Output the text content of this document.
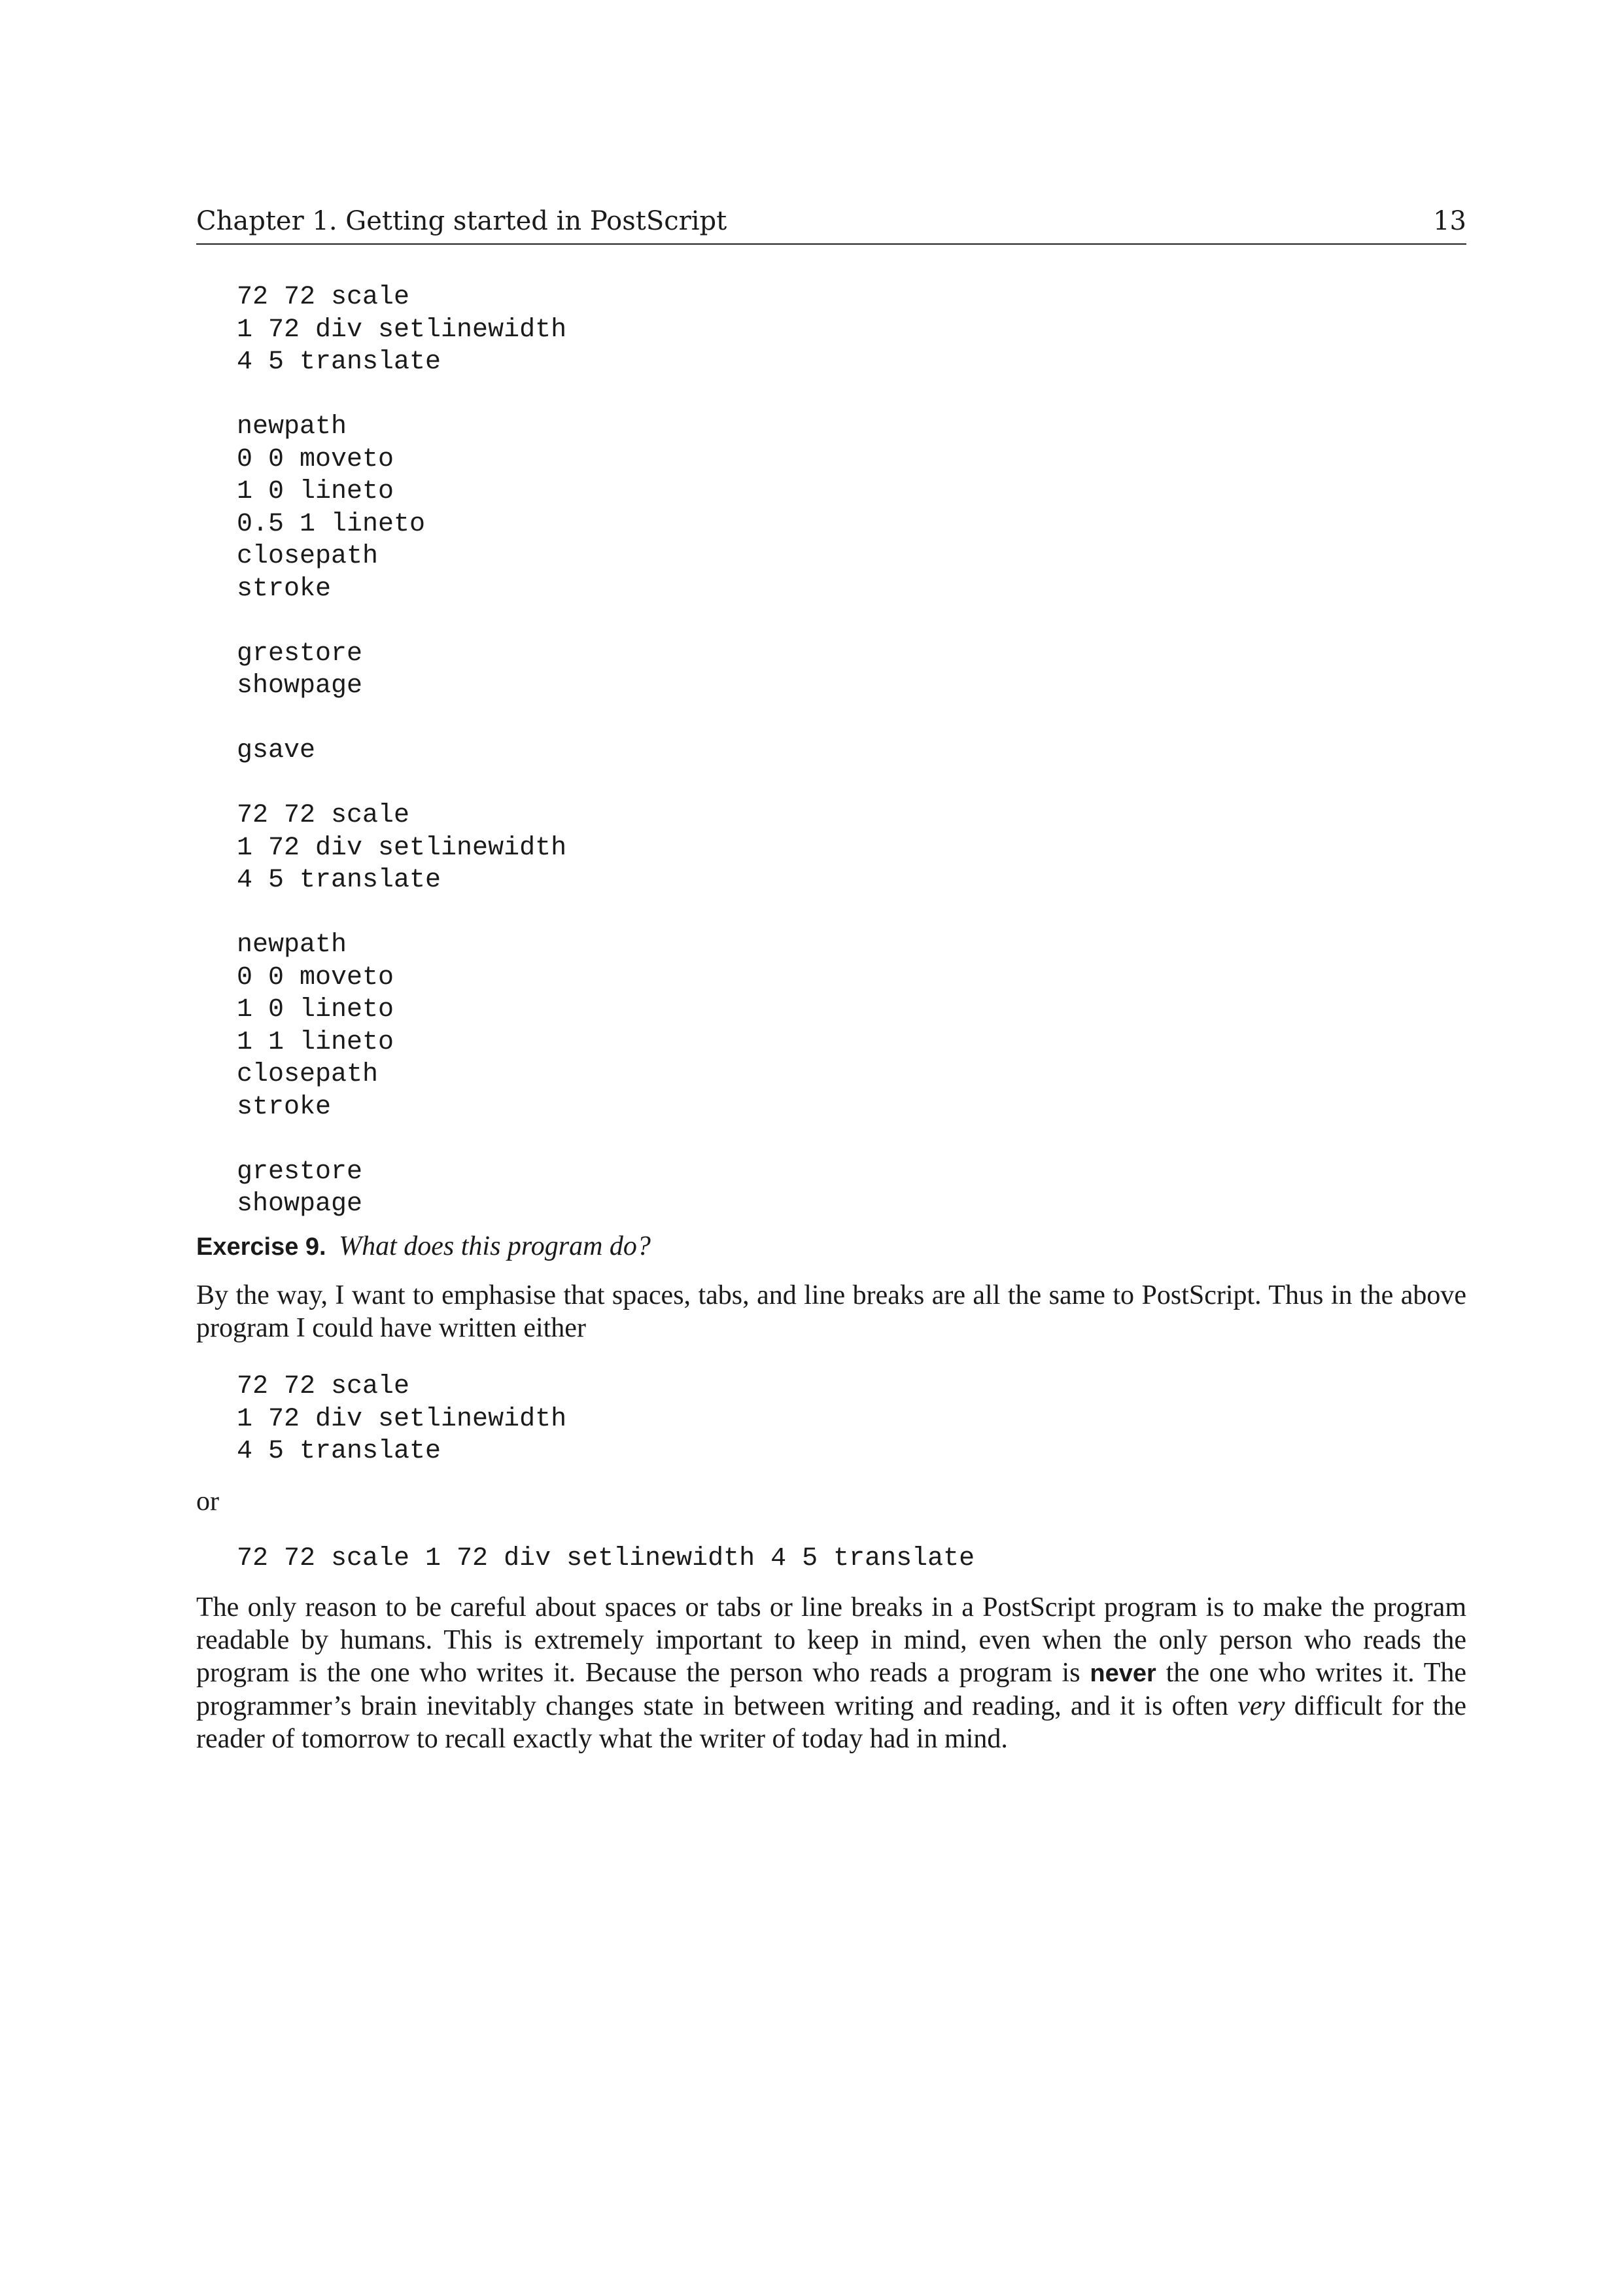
Chapter 1. Getting started in PostScript	13
72 72 scale
1 72 div setlinewidth
4 5 translate
newpath
0 0 moveto
1 0 lineto
0.5 1 lineto
closepath
stroke
grestore
showpage
gsave
72 72 scale
1 72 div setlinewidth
4 5 translate
newpath
0 0 moveto
1 0 lineto
1 1 lineto
closepath
stroke
grestore
showpage
Exercise 9. What does this program do?

By the way, I want to emphasise that spaces, tabs, and line breaks are all the same to PostScript. Thus in the above program I could have written either

72 72 scale
1 72 div setlinewidth
4 5 translate
or
72 72 scale 1 72 div setlinewidth 4 5 translate

The only reason to be careful about spaces or tabs or line breaks in a PostScript program is to make the program readable by humans. This is extremely important to keep in mind, even when the only person who reads the program is the one who writes it. Because the person who reads a program is never the one who writes it. The programmer’s brain inevitably changes state in between writing and reading, and it is often very difficult for the reader of tomorrow to recall exactly what the writer of today had in mind.
